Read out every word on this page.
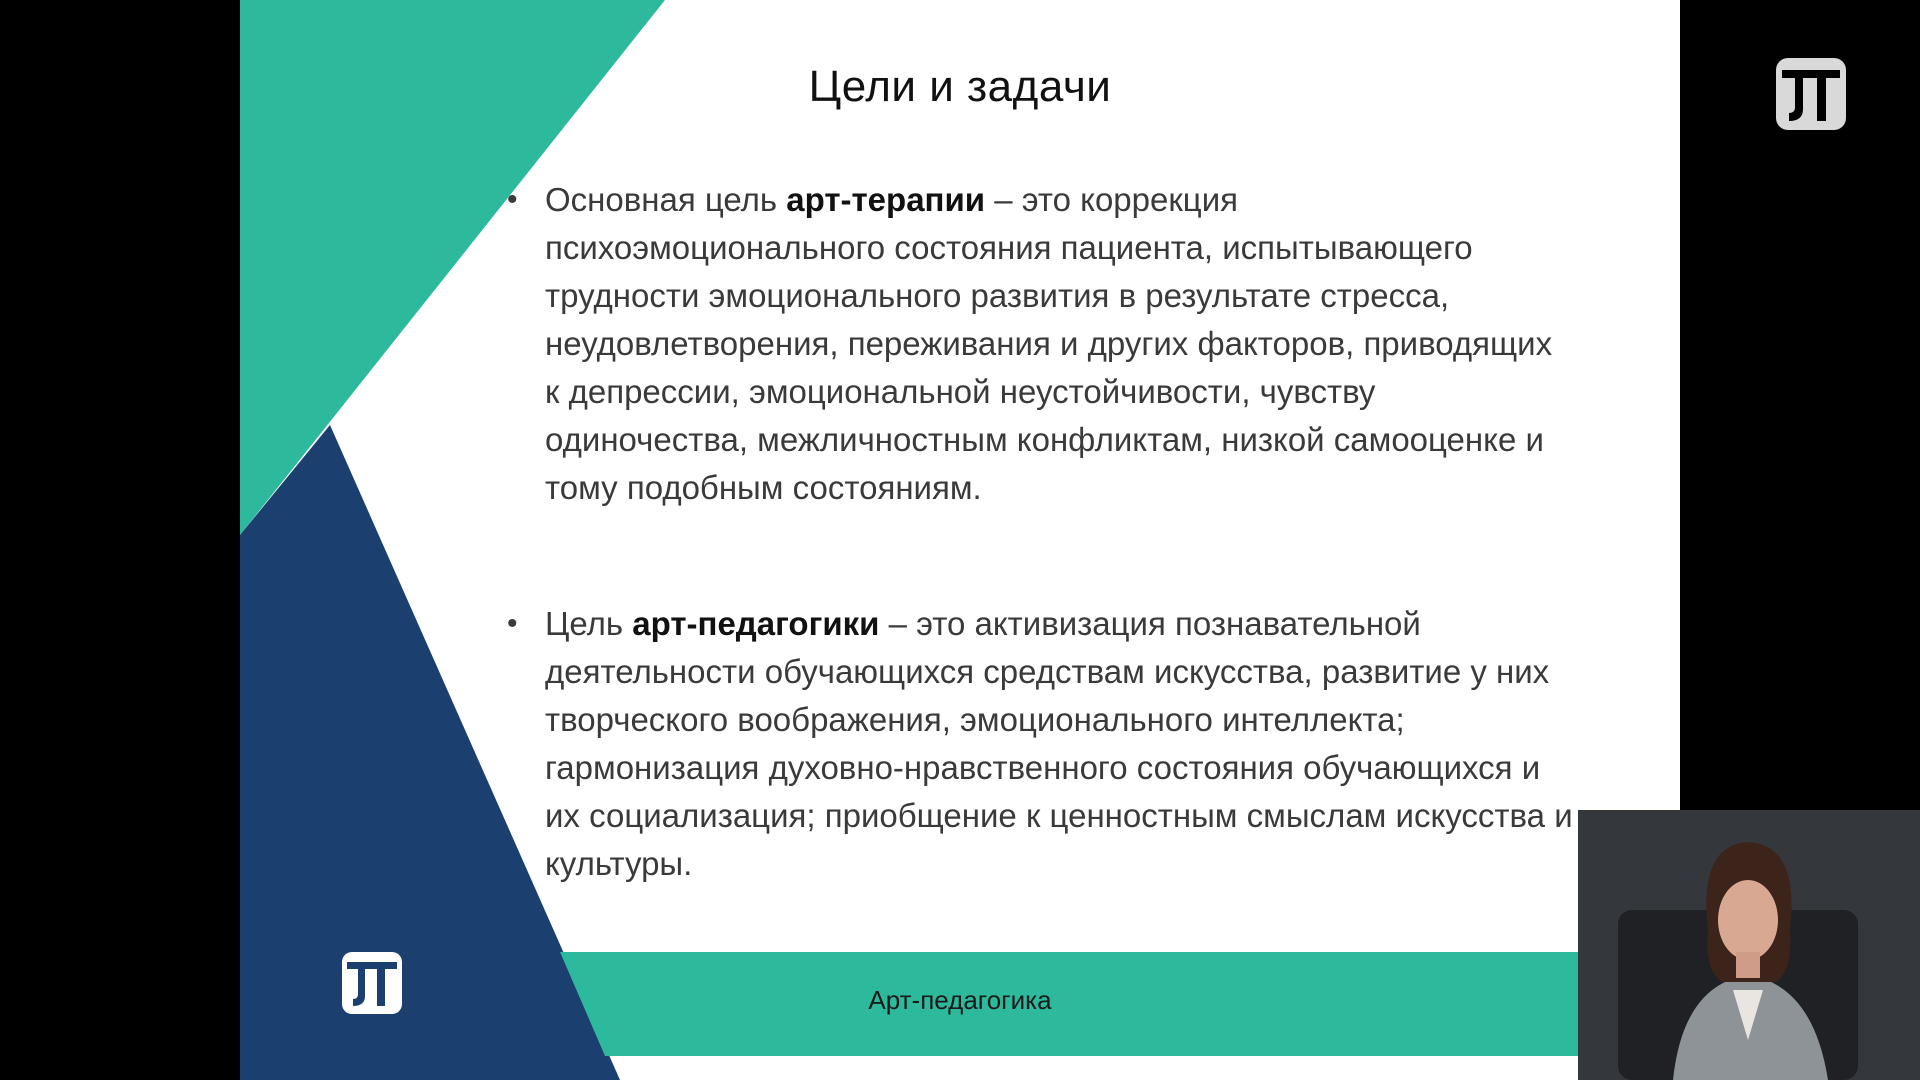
Цели и задачи
• Основная цель арт-терапии – это коррекция психоэмоционального состояния пациента, испытывающего трудности эмоционального развития в результате стресса, неудовлетворения, переживания и других факторов, приводящих к депрессии, эмоциональной неустойчивости, чувству одиночества, межличностным конфликтам, низкой самооценке и тому подобным состояниям.
• Цель арт-педагогики – это активизация познавательной деятельности обучающихся средствам искусства, развитие у них творческого воображения, эмоционального интеллекта; гармонизация духовно-нравственного состояния обучающихся и их социализация; приобщение к ценностным смыслам искусства и культуры.
Арт-педагогика
